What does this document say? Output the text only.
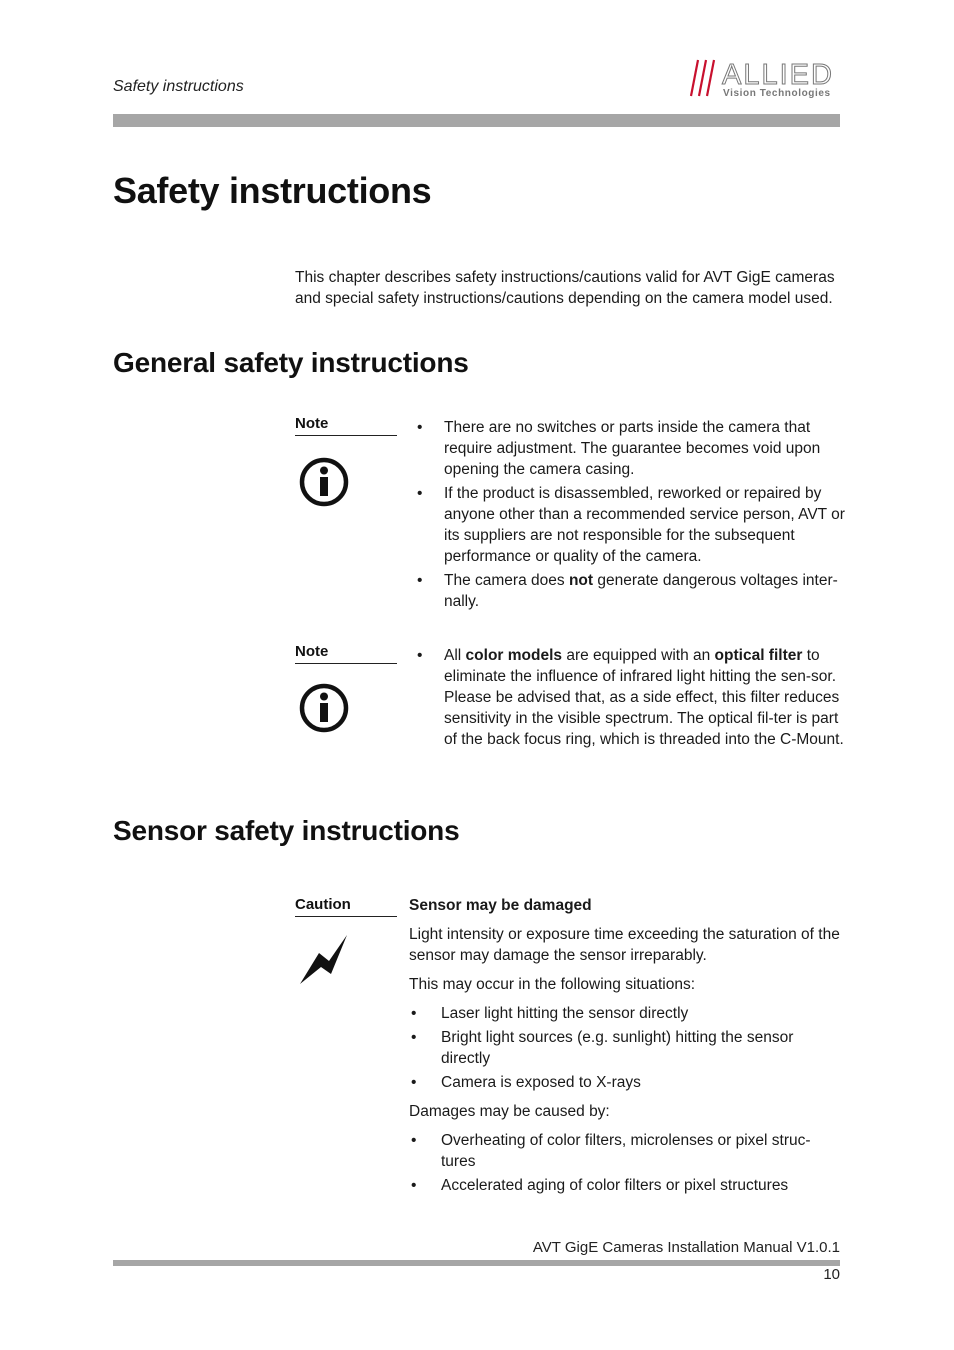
Safety instructions	ALLIED
Vision Technologies
Safety instructions
This chapter describes safety instructions/cautions valid for AVT GigE cameras and special safety instructions/cautions depending on the camera model used.
General safety instructions
Note	• There are no switches or parts inside the camera that require adjustment. The guarantee becomes void upon opening the camera casing.
• If the product is disassembled, reworked or repaired by anyone other than a recommended service person, AVT or its suppliers are not responsible for the subsequent performance or quality of the camera.
• The camera does not generate dangerous voltages inter-nally.
Note	• All color models are equipped with an optical filter to eliminate the influence of infrared light hitting the sen-sor. Please be advised that, as a side effect, this filter reduces sensitivity in the visible spectrum. The optical fil-ter is part of the back focus ring, which is threaded into the C-Mount.
Sensor safety instructions
Caution	Sensor may be damaged

Light intensity or exposure time exceeding the saturation of the sensor may damage the sensor irreparably.

This may occur in the following situations:

• Laser light hitting the sensor directly
• Bright light sources (e.g. sunlight) hitting the sensor directly
• Camera is exposed to X-rays

Damages may be caused by:

• Overheating of color filters, microlenses or pixel struc-tures
• Accelerated aging of color filters or pixel structures
AVT GigE Cameras Installation Manual V1.0.1
10
